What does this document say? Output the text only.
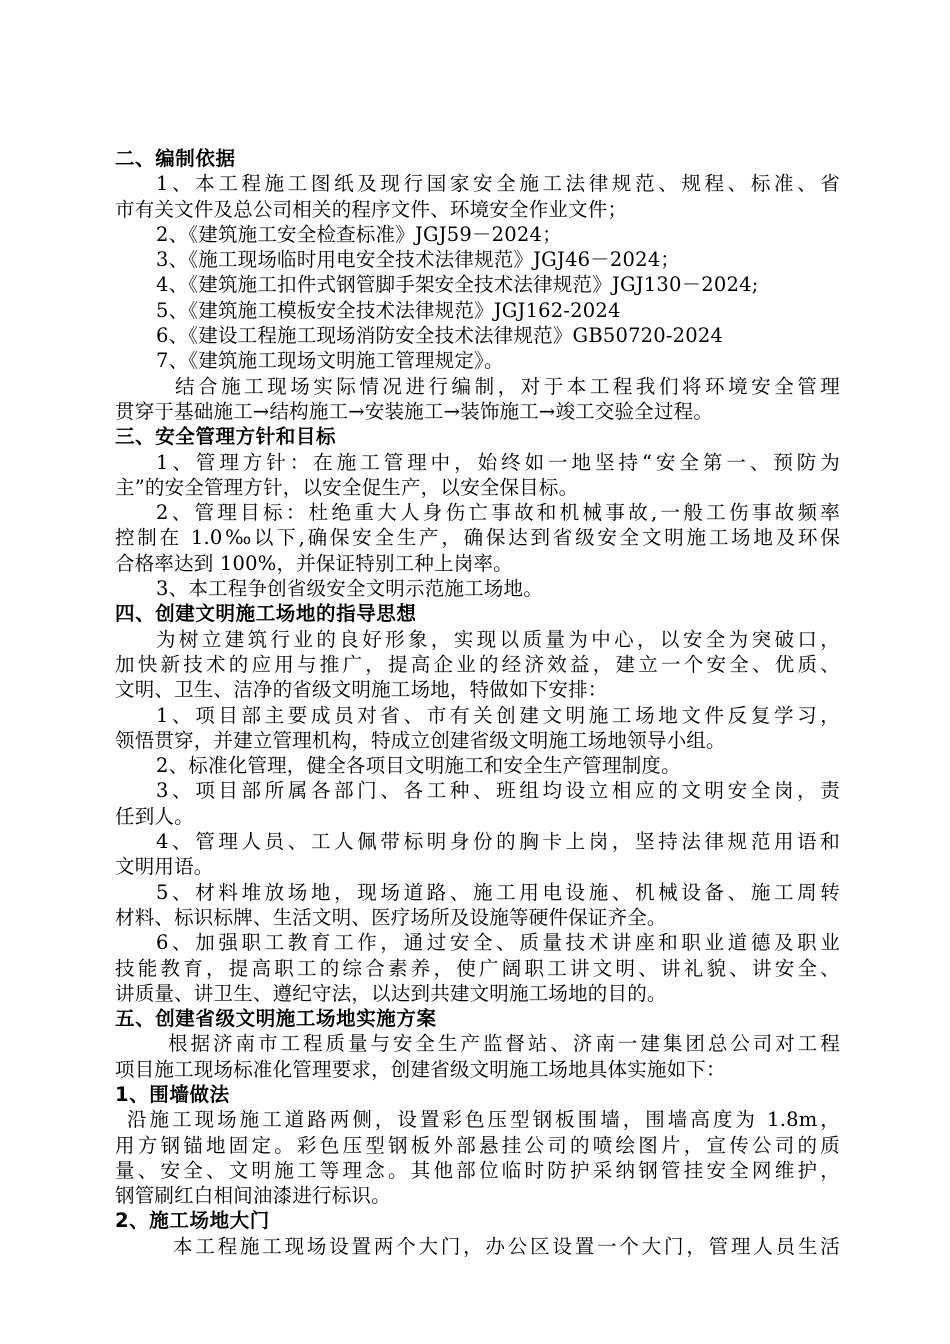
二、编制依据
1、本工程施工图纸及现行国家安全施工法律规范、规程、标准、省
市有关文件及总公司相关的程序文件、环境安全作业文件；
2、《建筑施工安全检查标准》JGJ59－2024；
3、《施工现场临时用电安全技术法律规范》JGJ46－2024；
4、《建筑施工扣件式钢管脚手架安全技术法律规范》JGJ130－2024;
5、《建筑施工模板安全技术法律规范》JGJ162-2024
6、《建设工程施工现场消防安全技术法律规范》GB50720-2024
7、《建筑施工现场文明施工管理规定》。
结合施工现场实际情况进行编制，对于本工程我们将环境安全管理
贯穿于基础施工→结构施工→安装施工→装饰施工→竣工交验全过程。
三、安全管理方针和目标
1、管理方针：在施工管理中，始终如一地坚持“安全第一、预防为
主”的安全管理方针，以安全促生产，以安全保目标。
2、管理目标：杜绝重大人身伤亡事故和机械事故,一般工伤事故频率
控制在 1.0‰以下,确保安全生产，确保达到省级安全文明施工场地及环保
合格率达到 100%，并保证特别工种上岗率。
3、本工程争创省级安全文明示范施工场地。
四、创建文明施工场地的指导思想
为树立建筑行业的良好形象，实现以质量为中心，以安全为突破口，
加快新技术的应用与推广，提高企业的经济效益，建立一个安全、优质、
文明、卫生、洁净的省级文明施工场地，特做如下安排：
1、项目部主要成员对省、市有关创建文明施工场地文件反复学习，
领悟贯穿，并建立管理机构，特成立创建省级文明施工场地领导小组。
2、标准化管理，健全各项目文明施工和安全生产管理制度。
3、项目部所属各部门、各工种、班组均设立相应的文明安全岗，责
任到人。
4、管理人员、工人佩带标明身份的胸卡上岗，坚持法律规范用语和
文明用语。
5、材料堆放场地，现场道路、施工用电设施、机械设备、施工周转
材料、标识标牌、生活文明、医疗场所及设施等硬件保证齐全。
6、加强职工教育工作，通过安全、质量技术讲座和职业道德及职业
技能教育，提高职工的综合素养，使广阔职工讲文明、讲礼貌、讲安全、
讲质量、讲卫生、遵纪守法，以达到共建文明施工场地的目的。
五、创建省级文明施工场地实施方案
根据济南市工程质量与安全生产监督站、济南一建集团总公司对工程
项目施工现场标准化管理要求，创建省级文明施工场地具体实施如下：
1、围墙做法
沿施工现场施工道路两侧，设置彩色压型钢板围墙，围墙高度为 1.8m，
用方钢锚地固定。彩色压型钢板外部悬挂公司的喷绘图片，宣传公司的质
量、安全、文明施工等理念。其他部位临时防护采纳钢管挂安全网维护，
钢管刷红白相间油漆进行标识。
2、施工场地大门
本工程施工现场设置两个大门，办公区设置一个大门，管理人员生活
